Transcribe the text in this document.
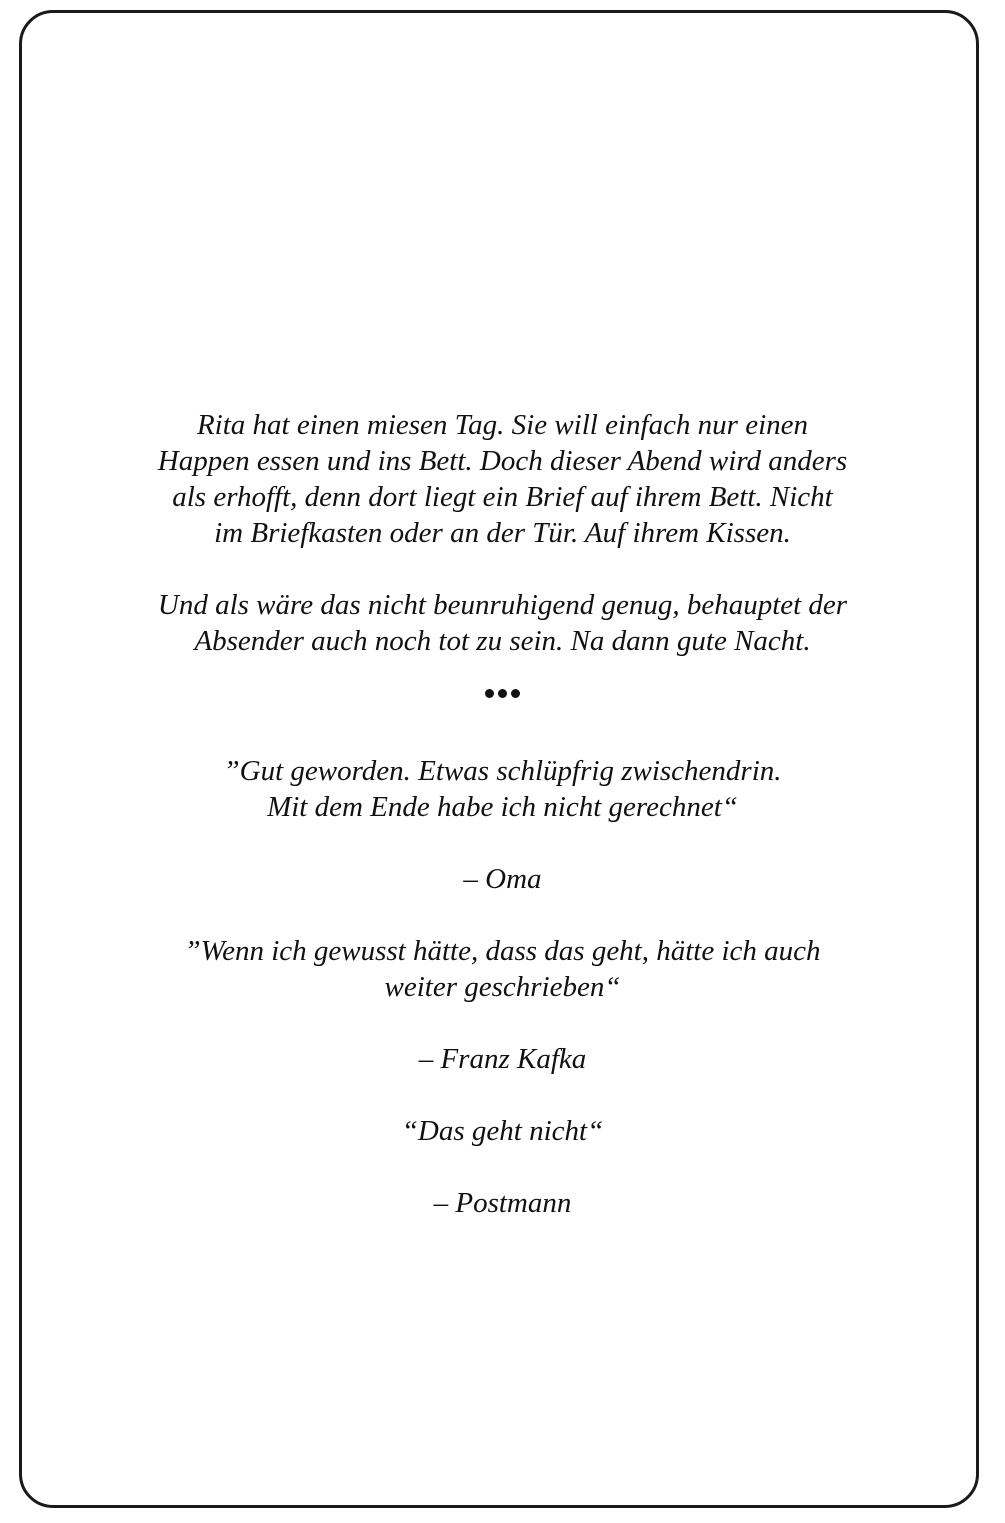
Rita hat einen miesen Tag. Sie will einfach nur einen
Happen essen und ins Bett. Doch dieser Abend wird anders
als erhofft, denn dort liegt ein Brief auf ihrem Bett. Nicht
im Briefkasten oder an der Tür. Auf ihrem Kissen.
Und als wäre das nicht beunruhigend genug, behauptet der
Absender auch noch tot zu sein. Na dann gute Nacht.
”Gut geworden. Etwas schlüpfrig zwischendrin.
Mit dem Ende habe ich nicht gerechnet“
– Oma
”Wenn ich gewusst hätte, dass das geht, hätte ich auch
weiter geschrieben“
– Franz Kafka
“Das geht nicht“
– Postmann
